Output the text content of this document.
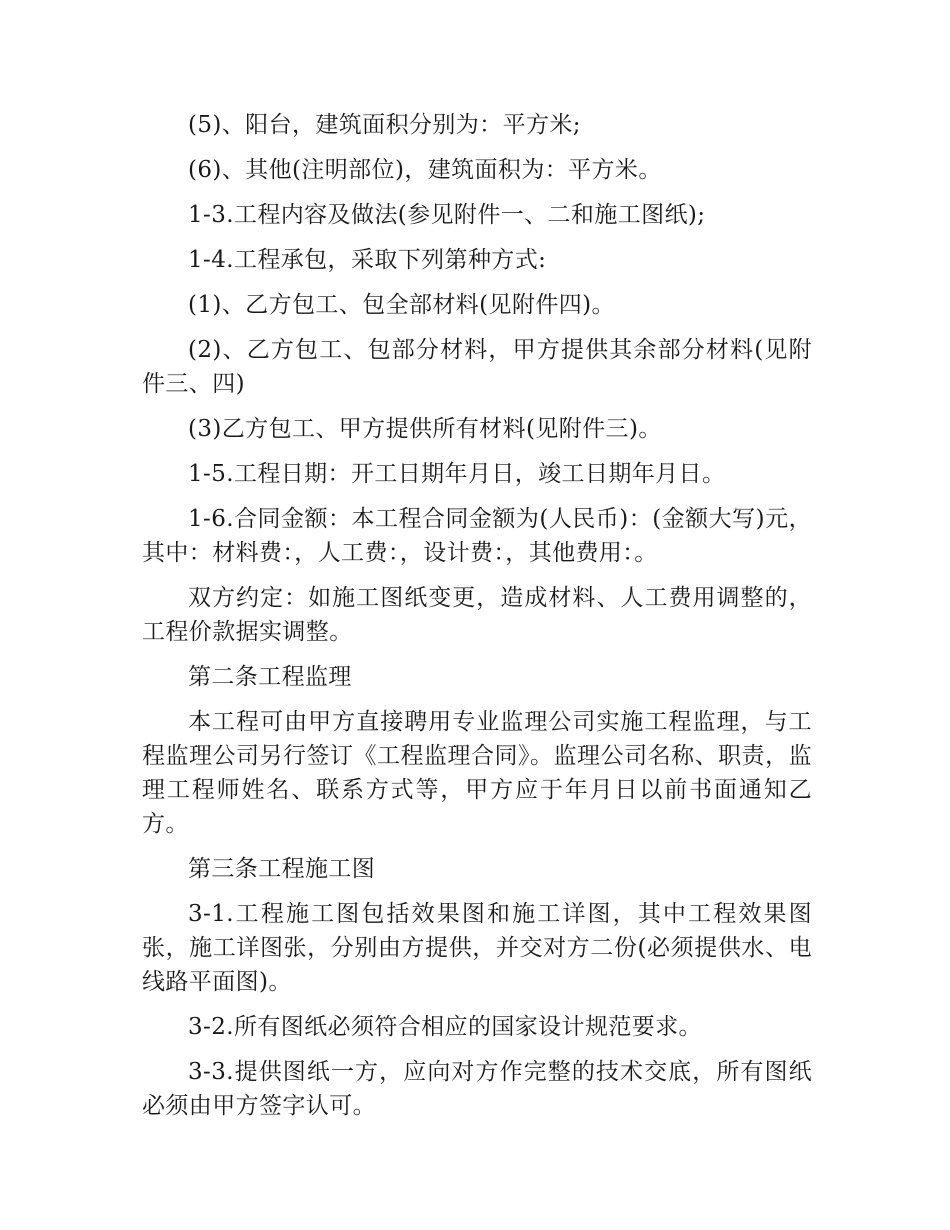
(5)、阳台，建筑面积分别为：平方米;

(6)、其他(注明部位)，建筑面积为：平方米。

1-3.工程内容及做法(参见附件一、二和施工图纸);

1-4.工程承包，采取下列第种方式:

(1)、乙方包工、包全部材料(见附件四)。

(2)、乙方包工、包部分材料，甲方提供其余部分材料(见附件三、四)

(3)乙方包工、甲方提供所有材料(见附件三)。

1-5.工程日期：开工日期年月日，竣工日期年月日。

1-6.合同金额：本工程合同金额为(人民币)：(金额大写)元，其中：材料费：，人工费：，设计费：，其他费用：。

双方约定：如施工图纸变更，造成材料、人工费用调整的，工程价款据实调整。

第二条工程监理

本工程可由甲方直接聘用专业监理公司实施工程监理，与工程监理公司另行签订《工程监理合同》。监理公司名称、职责，监理工程师姓名、联系方式等，甲方应于年月日以前书面通知乙方。

第三条工程施工图

3-1.工程施工图包括效果图和施工详图，其中工程效果图张，施工详图张，分别由方提供，并交对方二份(必须提供水、电线路平面图)。

3-2.所有图纸必须符合相应的国家设计规范要求。

3-3.提供图纸一方，应向对方作完整的技术交底，所有图纸必须由甲方签字认可。
